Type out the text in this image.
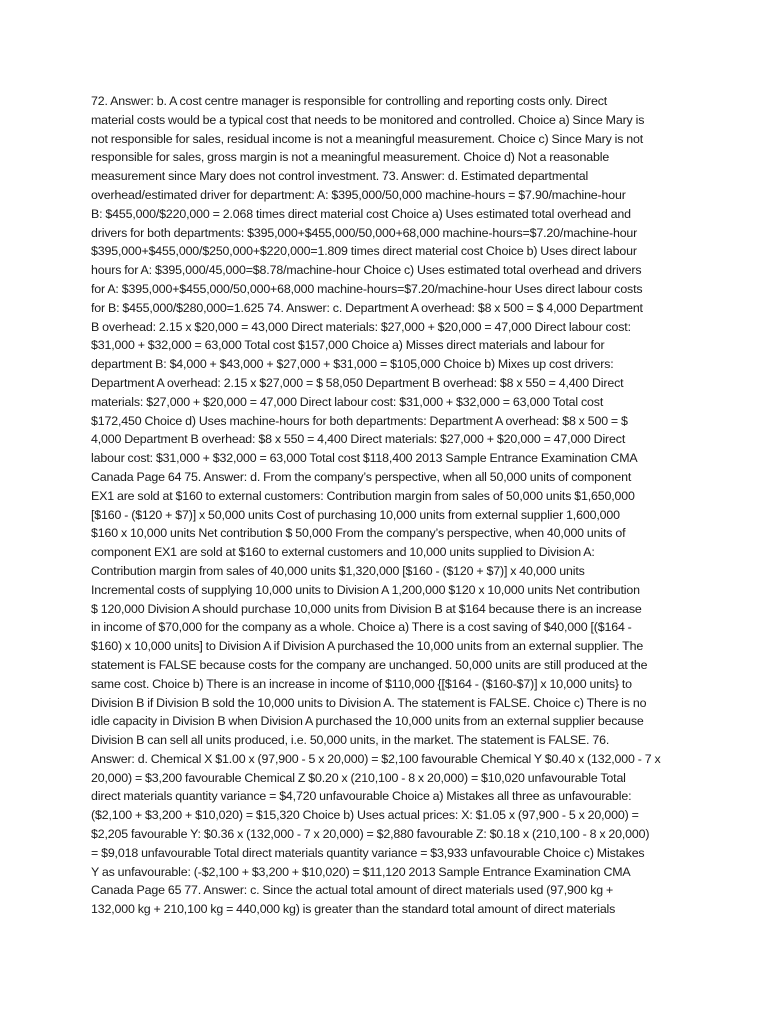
72. Answer: b. A cost centre manager is responsible for controlling and reporting costs only. Direct
material costs would be a typical cost that needs to be monitored and controlled. Choice a) Since Mary is
not responsible for sales, residual income is not a meaningful measurement. Choice c) Since Mary is not
responsible for sales, gross margin is not a meaningful measurement. Choice d) Not a reasonable
measurement since Mary does not control investment. 73. Answer: d. Estimated departmental
overhead/estimated driver for department: A: $395,000/50,000 machine-hours = $7.90/machine-hour
B: $455,000/$220,000 = 2.068 times direct material cost Choice a) Uses estimated total overhead and
drivers for both departments: $395,000+$455,000/50,000+68,000 machine-hours=$7.20/machine-hour
$395,000+$455,000/$250,000+$220,000=1.809 times direct material cost Choice b) Uses direct labour
hours for A: $395,000/45,000=$8.78/machine-hour Choice c) Uses estimated total overhead and drivers
for A: $395,000+$455,000/50,000+68,000 machine-hours=$7.20/machine-hour Uses direct labour costs
for B: $455,000/$280,000=1.625 74. Answer: c. Department A overhead: $8 x 500 = $ 4,000 Department
B overhead: 2.15 x $20,000 = 43,000 Direct materials: $27,000 + $20,000 = 47,000 Direct labour cost:
$31,000 + $32,000 = 63,000 Total cost $157,000 Choice a) Misses direct materials and labour for
department B: $4,000 + $43,000 + $27,000 + $31,000 = $105,000 Choice b) Mixes up cost drivers:
Department A overhead: 2.15 x $27,000 = $ 58,050 Department B overhead: $8 x 550 = 4,400 Direct
materials: $27,000 + $20,000 = 47,000 Direct labour cost: $31,000 + $32,000 = 63,000 Total cost
$172,450 Choice d) Uses machine-hours for both departments: Department A overhead: $8 x 500 = $
4,000 Department B overhead: $8 x 550 = 4,400 Direct materials: $27,000 + $20,000 = 47,000 Direct
labour cost: $31,000 + $32,000 = 63,000 Total cost $118,400 2013 Sample Entrance Examination CMA
Canada Page 64 75. Answer: d. From the company’s perspective, when all 50,000 units of component
EX1 are sold at $160 to external customers: Contribution margin from sales of 50,000 units $1,650,000
[$160 - ($120 + $7)] x 50,000 units Cost of purchasing 10,000 units from external supplier 1,600,000
$160 x 10,000 units Net contribution $ 50,000 From the company’s perspective, when 40,000 units of
component EX1 are sold at $160 to external customers and 10,000 units supplied to Division A:
Contribution margin from sales of 40,000 units $1,320,000 [$160 - ($120 + $7)] x 40,000 units
Incremental costs of supplying 10,000 units to Division A 1,200,000 $120 x 10,000 units Net contribution
$ 120,000 Division A should purchase 10,000 units from Division B at $164 because there is an increase
in income of $70,000 for the company as a whole. Choice a) There is a cost saving of $40,000 [($164 -
$160) x 10,000 units] to Division A if Division A purchased the 10,000 units from an external supplier. The
statement is FALSE because costs for the company are unchanged. 50,000 units are still produced at the
same cost. Choice b) There is an increase in income of $110,000 {[$164 - ($160-$7)] x 10,000 units} to
Division B if Division B sold the 10,000 units to Division A. The statement is FALSE. Choice c) There is no
idle capacity in Division B when Division A purchased the 10,000 units from an external supplier because
Division B can sell all units produced, i.e. 50,000 units, in the market. The statement is FALSE. 76.
Answer: d. Chemical X $1.00 x (97,900 - 5 x 20,000) = $2,100 favourable Chemical Y $0.40 x (132,000 - 7 x
20,000) = $3,200 favourable Chemical Z $0.20 x (210,100 - 8 x 20,000) = $10,020 unfavourable Total
direct materials quantity variance = $4,720 unfavourable Choice a) Mistakes all three as unfavourable:
($2,100 + $3,200 + $10,020) = $15,320 Choice b) Uses actual prices: X: $1.05 x (97,900 - 5 x 20,000) =
$2,205 favourable Y: $0.36 x (132,000 - 7 x 20,000) = $2,880 favourable Z: $0.18 x (210,100 - 8 x 20,000)
= $9,018 unfavourable Total direct materials quantity variance = $3,933 unfavourable Choice c) Mistakes
Y as unfavourable: (-$2,100 + $3,200 + $10,020) = $11,120 2013 Sample Entrance Examination CMA
Canada Page 65 77. Answer: c. Since the actual total amount of direct materials used (97,900 kg +
132,000 kg + 210,100 kg = 440,000 kg) is greater than the standard total amount of direct materials
